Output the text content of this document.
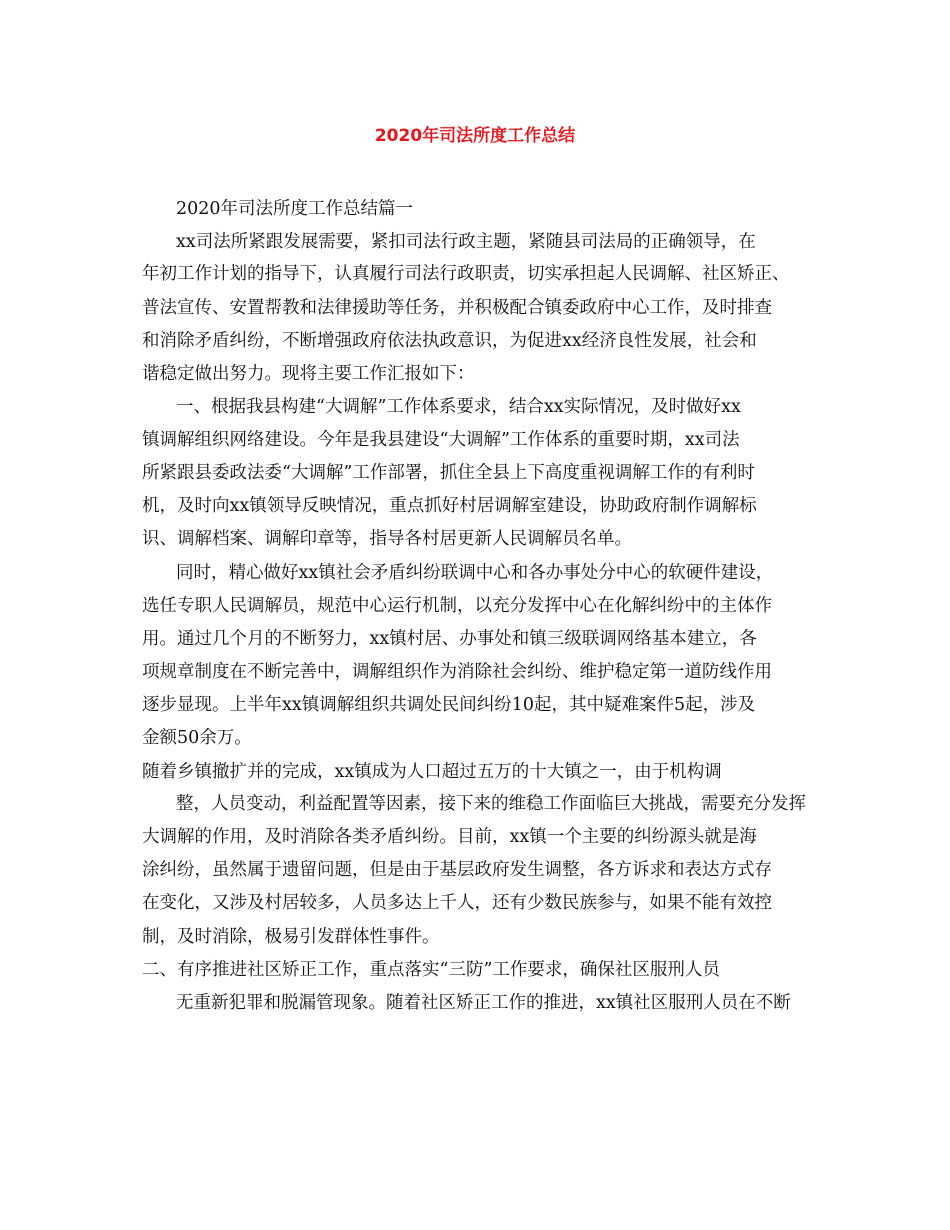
2020年司法所度工作总结
2020年司法所度工作总结篇一
xx司法所紧跟发展需要，紧扣司法行政主题，紧随县司法局的正确领导，在
年初工作计划的指导下，认真履行司法行政职责，切实承担起人民调解、社区矫正、
普法宣传、安置帮教和法律援助等任务，并积极配合镇委政府中心工作，及时排查
和消除矛盾纠纷，不断增强政府依法执政意识，为促进xx经济良性发展，社会和
谐稳定做出努力。现将主要工作汇报如下：
一、根据我县构建“大调解”工作体系要求，结合xx实际情况，及时做好xx
镇调解组织网络建设。今年是我县建设“大调解”工作体系的重要时期，xx司法
所紧跟县委政法委“大调解”工作部署，抓住全县上下高度重视调解工作的有利时
机，及时向xx镇领导反映情况，重点抓好村居调解室建设，协助政府制作调解标
识、调解档案、调解印章等，指导各村居更新人民调解员名单。
同时，精心做好xx镇社会矛盾纠纷联调中心和各办事处分中心的软硬件建设，
选任专职人民调解员，规范中心运行机制，以充分发挥中心在化解纠纷中的主体作
用。通过几个月的不断努力，xx镇村居、办事处和镇三级联调网络基本建立，各
项规章制度在不断完善中，调解组织作为消除社会纠纷、维护稳定第一道防线作用
逐步显现。上半年xx镇调解组织共调处民间纠纷10起，其中疑难案件5起，涉及
金额50余万。
随着乡镇撤扩并的完成，xx镇成为人口超过五万的十大镇之一，由于机构调
整，人员变动，利益配置等因素，接下来的维稳工作面临巨大挑战，需要充分发挥
大调解的作用，及时消除各类矛盾纠纷。目前，xx镇一个主要的纠纷源头就是海
涂纠纷，虽然属于遗留问题，但是由于基层政府发生调整，各方诉求和表达方式存
在变化，又涉及村居较多，人员多达上千人，还有少数民族参与，如果不能有效控
制，及时消除，极易引发群体性事件。
二、有序推进社区矫正工作，重点落实“三防”工作要求，确保社区服刑人员
无重新犯罪和脱漏管现象。随着社区矫正工作的推进，xx镇社区服刑人员在不断
